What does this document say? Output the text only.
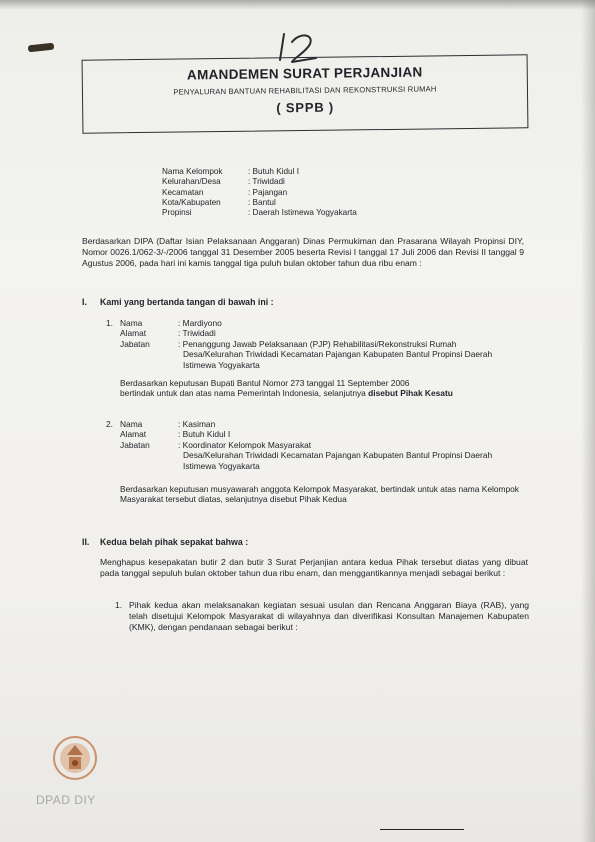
AMANDEMEN SURAT PERJANJIAN
PENYALURAN BANTUAN REHABILITASI DAN REKONSTRUKSI RUMAH
( SPPB )
Nama Kelompok	: Butuh Kidul I
Kelurahan/Desa	: Triwidadi
Kecamatan	: Pajangan
Kota/Kabupaten	: Bantul
Propinsi	: Daerah Istimewa Yogyakarta
Berdasarkan DIPA (Daftar Isian Pelaksanaan Anggaran) Dinas Permukiman dan Prasarana Wilayah Propinsi DIY, Nomor 0026.1/062-3/-/2006 tanggal 31 Desember 2005 beserta Revisi I tanggal 17 Juli 2006 dan Revisi II tanggal 9 Agustus 2006, pada hari ini kamis tanggal tiga puluh bulan oktober tahun dua ribu enam :
I. Kami yang bertanda tangan di bawah ini :
1. Nama	: Mardiyono
Alamat	: Triwidadi
Jabatan	: Penanggung Jawab Pelaksanaan (PJP) Rehabilitasi/Rekonstruksi Rumah
Desa/Kelurahan Triwidadi Kecamatan Pajangan Kabupaten Bantul Propinsi Daerah Istimewa Yogyakarta
Berdasarkan keputusan Bupati Bantul Nomor 273 tanggal 11 September 2006
bertindak untuk dan atas nama Pemerintah Indonesia, selanjutnya disebut Pihak Kesatu
2. Nama	: Kasiman
Alamat	: Butuh Kidul I
Jabatan	: Koordinator Kelompok Masyarakat
Desa/Kelurahan Triwidadi Kecamatan Pajangan Kabupaten Bantul Propinsi Daerah Istimewa Yogyakarta
Berdasarkan keputusan musyawarah anggota Kelompok Masyarakat, bertindak untuk atas nama Kelompok Masyarakat tersebut diatas, selanjutnya disebut Pihak Kedua
II. Kedua belah pihak sepakat bahwa :
Menghapus kesepakatan butir 2 dan butir 3 Surat Perjanjian antara kedua Pihak tersebut diatas yang dibuat pada tanggal sepuluh bulan oktober tahun dua ribu enam, dan menggantikannya menjadi sebagai berikut :
1. Pihak kedua akan melaksanakan kegiatan sesuai usulan dan Rencana Anggaran Biaya (RAB), yang telah disetujui Kelompok Masyarakat di wilayahnya dan diverifikasi Konsultan Manajemen Kabupaten (KMK), dengan pendanaan sebagai berikut :
DPAD DIY
